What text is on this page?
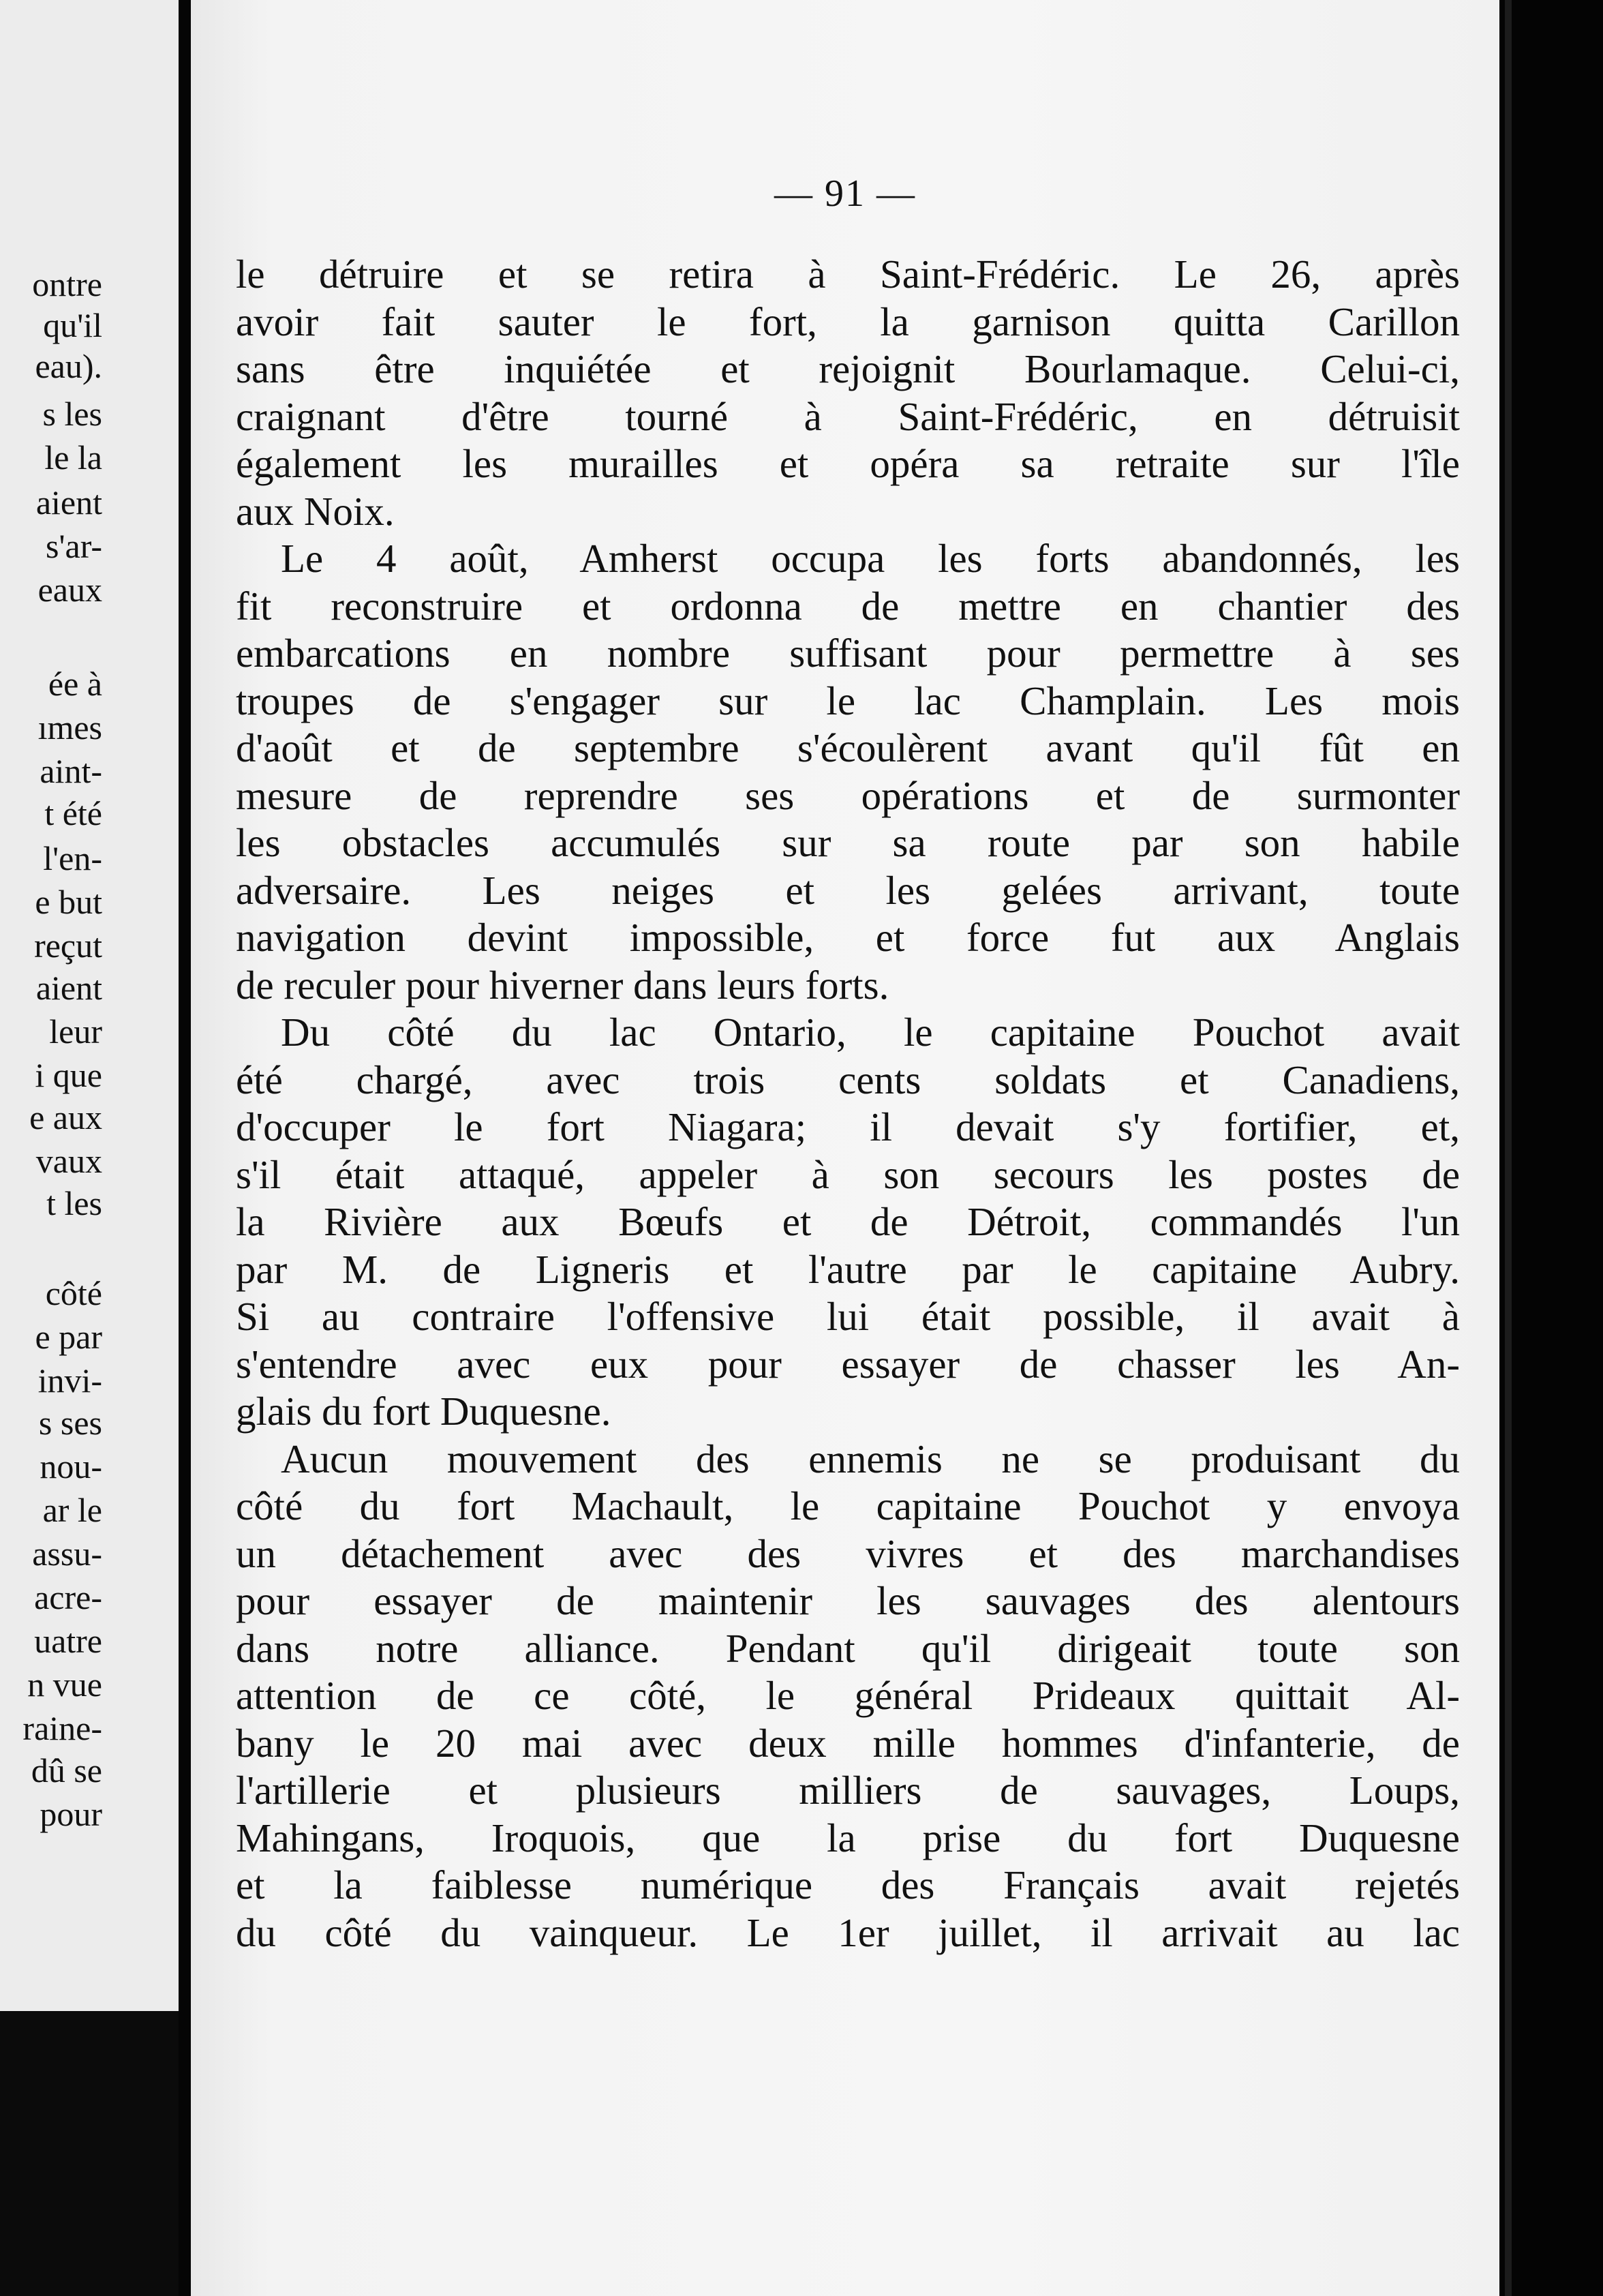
ontre
qu'il
eau).
s les
le la
aient
s'ar-
eaux
ée à
ımes
aint-
t été
l'en-
e but
reçut
aient
leur
i que
e aux
vaux
t les
côté
e par
invi-
s ses
nou-
ar le
assu-
acre-
uatre
n vue
raine-
dû se
pour
— 91 —
le détruire et se retira à Saint-Frédéric. Le 26, après
avoir fait sauter le fort, la garnison quitta Carillon
sans être inquiétée et rejoignit Bourlamaque. Celui-ci,
craignant d'être tourné à Saint-Frédéric, en détruisit
également les murailles et opéra sa retraite sur l'île
aux Noix.
Le 4 août, Amherst occupa les forts abandonnés, les
fit reconstruire et ordonna de mettre en chantier des
embarcations en nombre suffisant pour permettre à ses
troupes de s'engager sur le lac Champlain. Les mois
d'août et de septembre s'écoulèrent avant qu'il fût en
mesure de reprendre ses opérations et de surmonter
les obstacles accumulés sur sa route par son habile
adversaire. Les neiges et les gelées arrivant, toute
navigation devint impossible, et force fut aux Anglais
de reculer pour hiverner dans leurs forts.
Du côté du lac Ontario, le capitaine Pouchot avait
été chargé, avec trois cents soldats et Canadiens,
d'occuper le fort Niagara; il devait s'y fortifier, et,
s'il était attaqué, appeler à son secours les postes de
la Rivière aux Bœufs et de Détroit, commandés l'un
par M. de Ligneris et l'autre par le capitaine Aubry.
Si au contraire l'offensive lui était possible, il avait à
s'entendre avec eux pour essayer de chasser les An-
glais du fort Duquesne.
Aucun mouvement des ennemis ne se produisant du
côté du fort Machault, le capitaine Pouchot y envoya
un détachement avec des vivres et des marchandises
pour essayer de maintenir les sauvages des alentours
dans notre alliance. Pendant qu'il dirigeait toute son
attention de ce côté, le général Prideaux quittait Al-
bany le 20 mai avec deux mille hommes d'infanterie, de
l'artillerie et plusieurs milliers de sauvages, Loups,
Mahingans, Iroquois, que la prise du fort Duquesne
et la faiblesse numérique des Français avait rejetés
du côté du vainqueur. Le 1er juillet, il arrivait au lac
